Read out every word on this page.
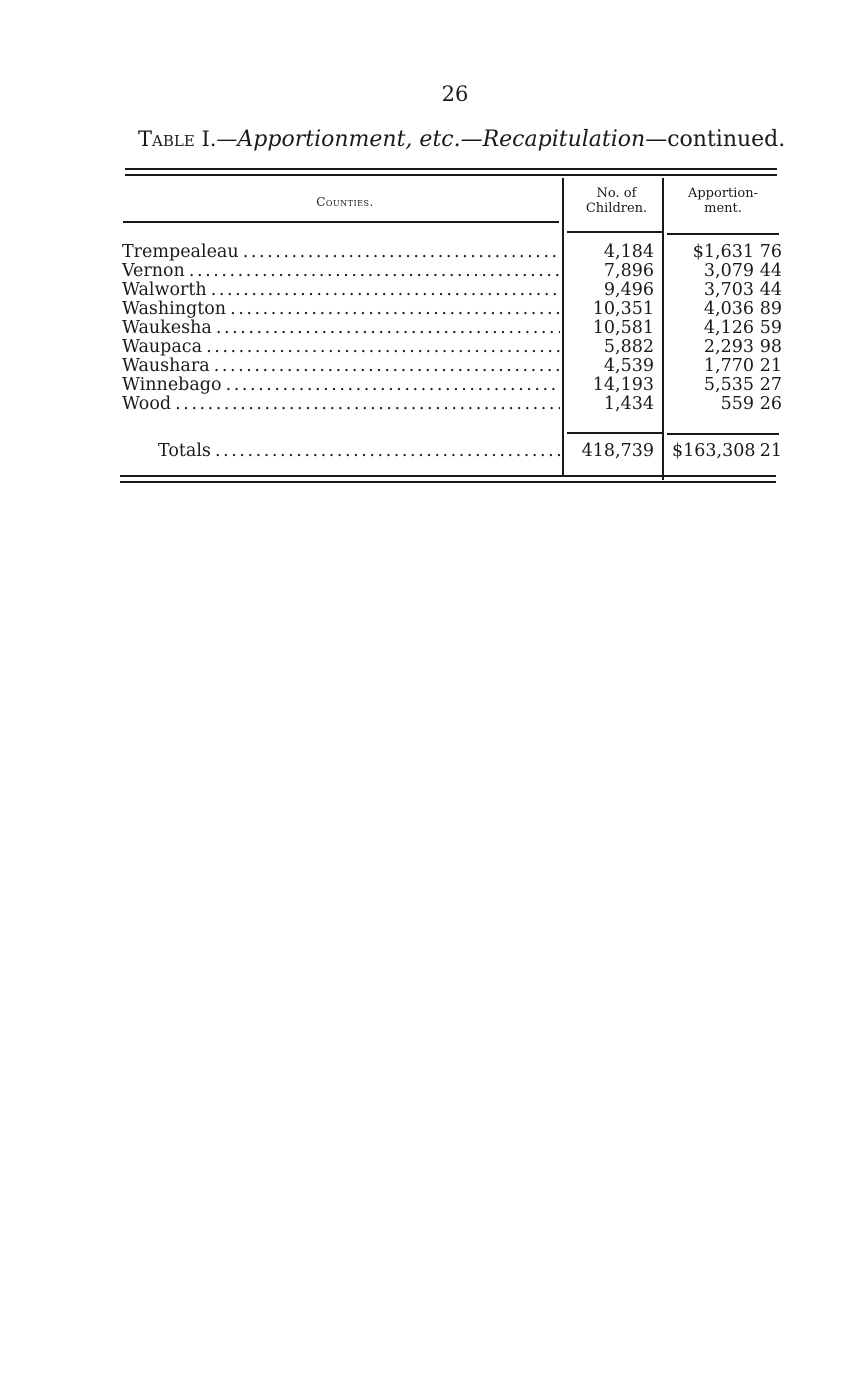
26
Table I.—Apportionment, etc.—Recapitulation—continued.
Counties.
No. of
Children.
Apportion-
ment.
Trempealeau . . .	4,184	$1,631 76
Vernon . . .	7,896	3,079 44
Walworth . . .	9,496	3,703 44
Washington . . .	10,351	4,036 89
Waukesha . . .	10,581	4,126 59
Waupaca . . .	5,882	2,293 98
Waushara . . .	4,539	1,770 21
Winnebago . . .	14,193	5,535 27
Wood . . .	1,434	559 26
Totals . . .	418,739 $163,308 21
